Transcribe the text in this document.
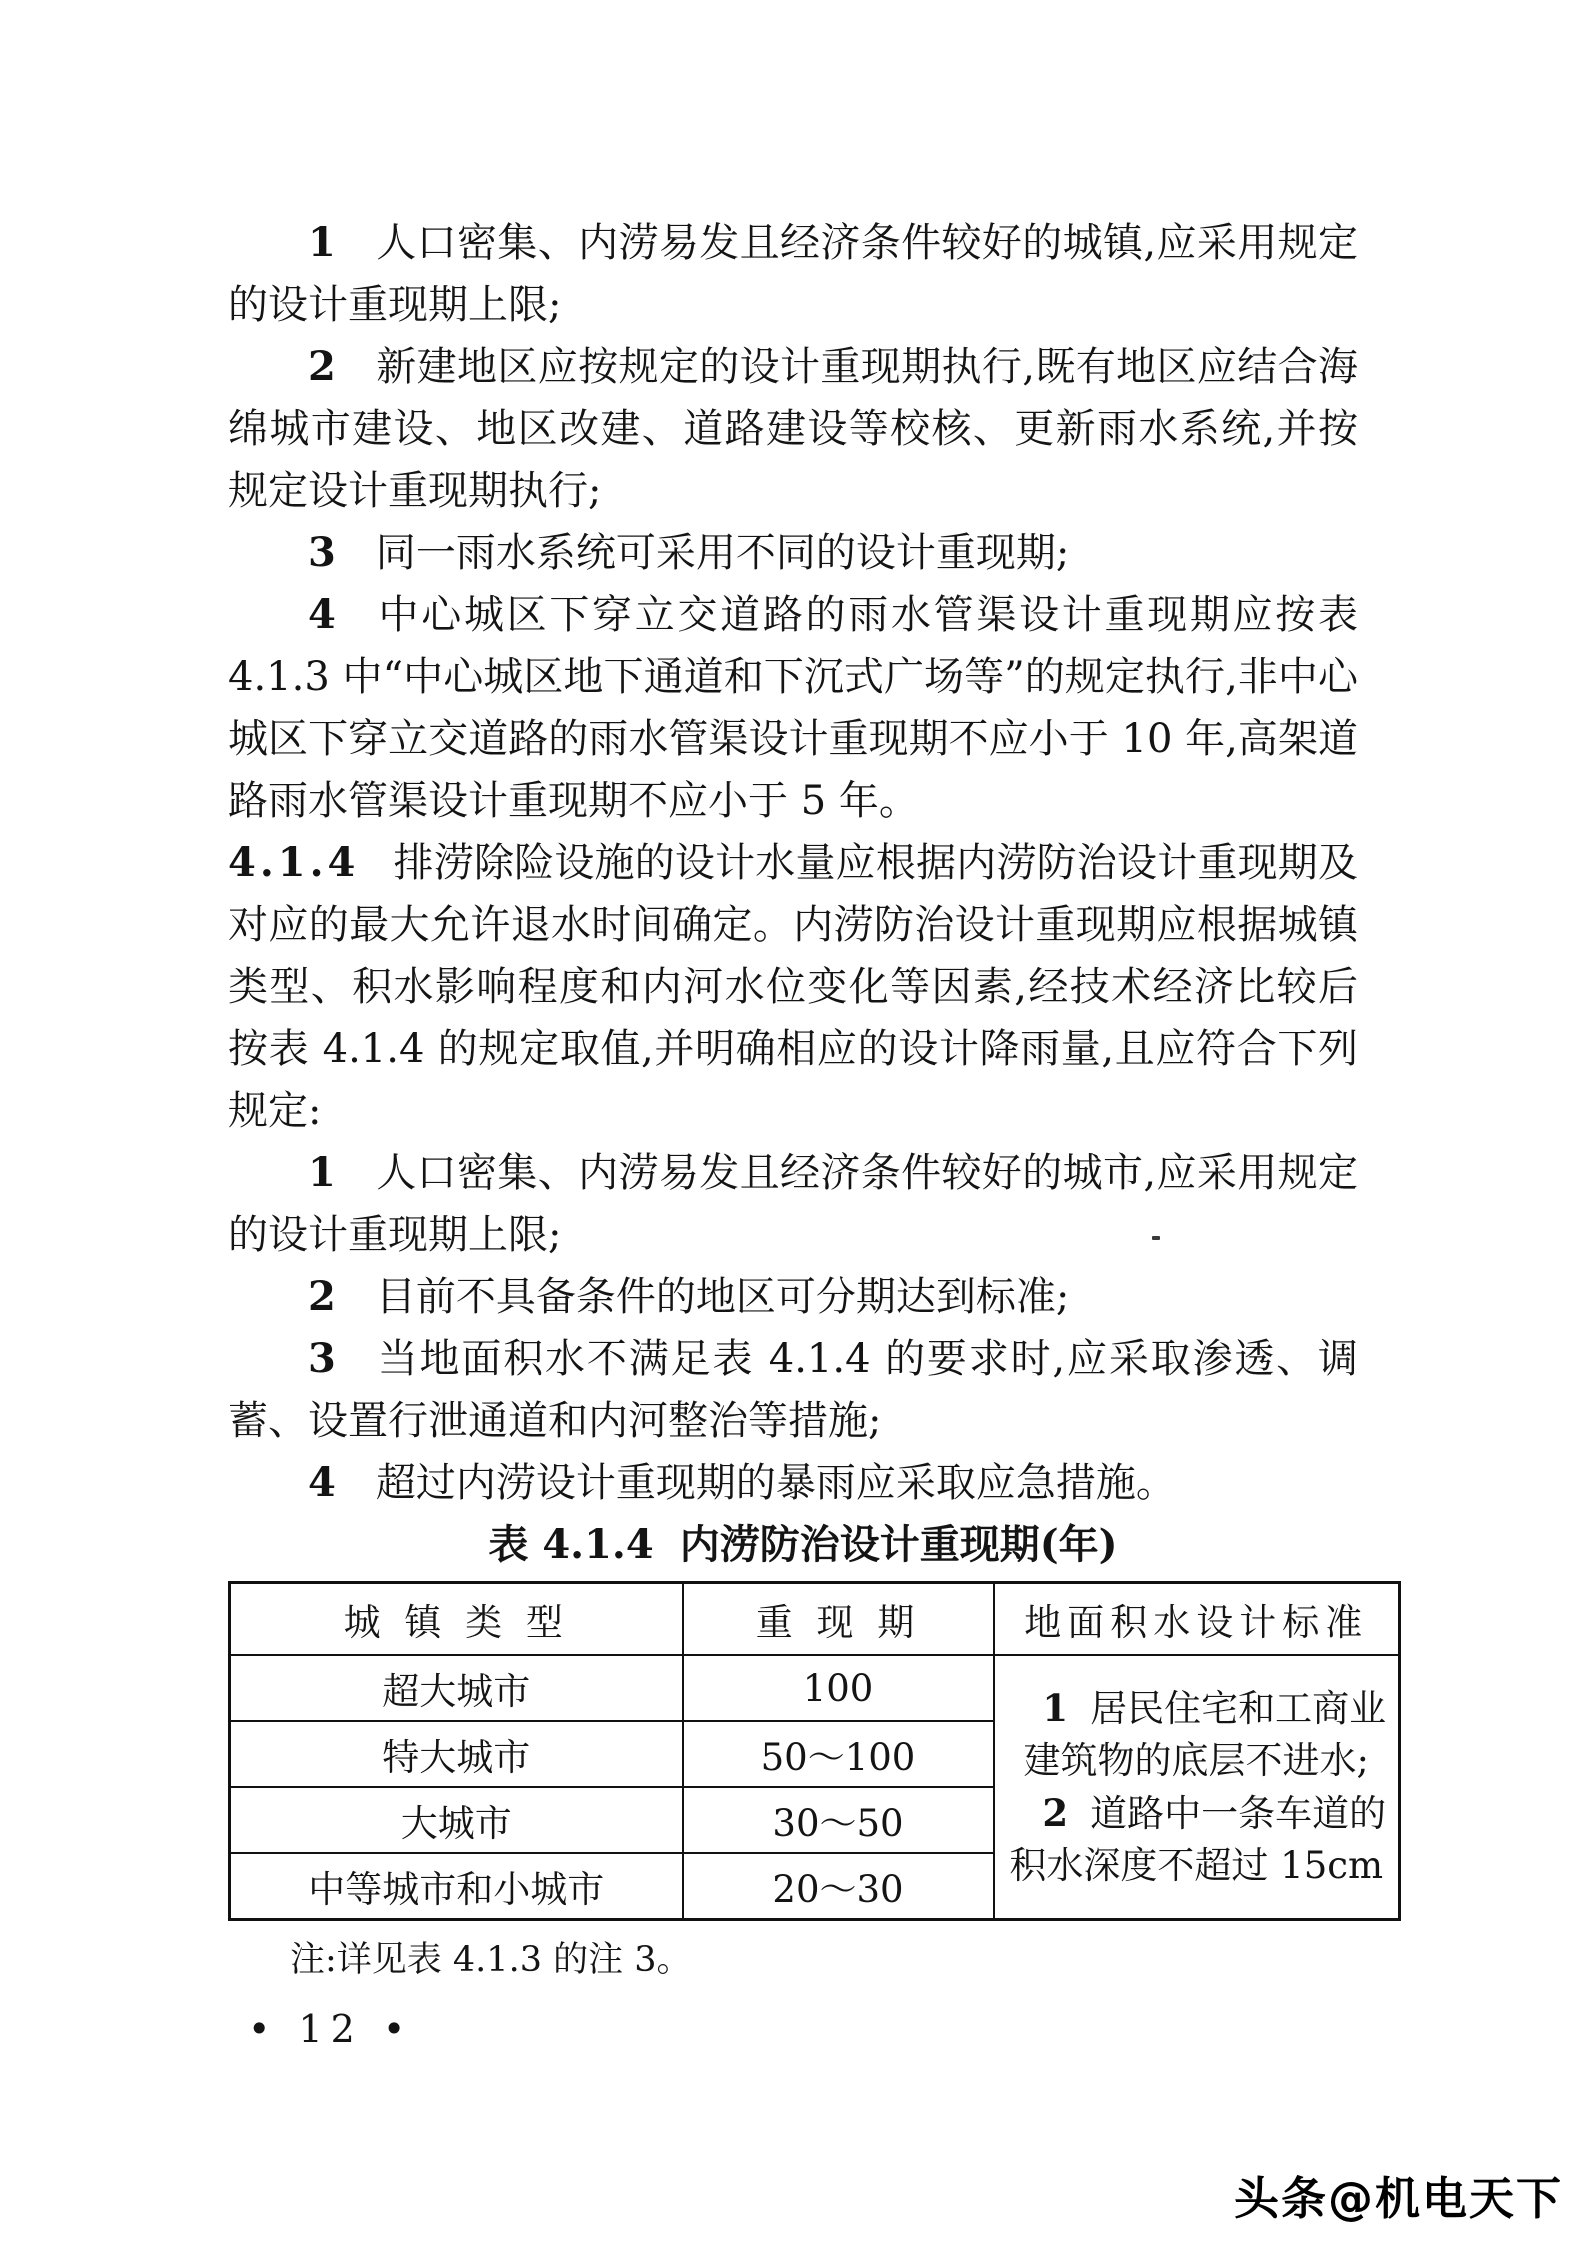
1 人口密集、内涝易发且经济条件较好的城镇,应采用规定的设计重现期上限;

2 新建地区应按规定的设计重现期执行,既有地区应结合海绵城市建设、地区改建、道路建设等校核、更新雨水系统,并按规定设计重现期执行;

3 同一雨水系统可采用不同的设计重现期;

4 中心城区下穿立交道路的雨水管渠设计重现期应按表 4.1.3 中“中心城区地下通道和下沉式广场等”的规定执行,非中心城区下穿立交道路的雨水管渠设计重现期不应小于 10 年,高架道路雨水管渠设计重现期不应小于 5 年。

4.1.4 排涝除险设施的设计水量应根据内涝防治设计重现期及对应的最大允许退水时间确定。内涝防治设计重现期应根据城镇类型、积水影响程度和内河水位变化等因素,经技术经济比较后按表 4.1.4 的规定取值,并明确相应的设计降雨量,且应符合下列规定:

1 人口密集、内涝易发且经济条件较好的城市,应采用规定的设计重现期上限;

2 目前不具备条件的地区可分期达到标准;

3 当地面积水不满足表 4.1.4 的要求时,应采取渗透、调蓄、设置行泄通道和内河整治等措施;

4 超过内涝设计重现期的暴雨应采取应急措施。

表 4.1.4 内涝防治设计重现期(年)
城 镇 类 型	重 现 期	地面积水设计标准
超大城市	100	1 居民住宅和工商业建筑物的底层不进水;

2 道路中一条车道的积水深度不超过 15cm

特大城市	50～100	
大城市	30～50	
中等城市和小城市	20～30	
注:详见表 4.1.3 的注 3。
• 12 •
头条@机电天下
